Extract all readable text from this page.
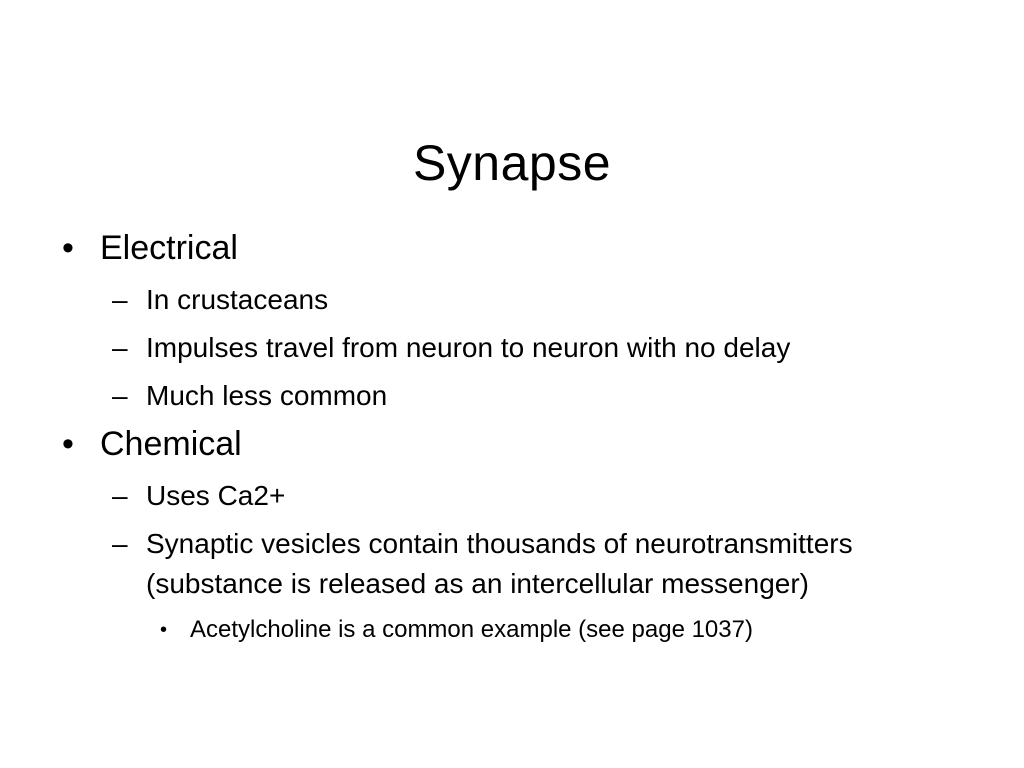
Synapse
• Electrical
– In crustaceans
– Impulses travel from neuron to neuron with no delay
– Much less common
• Chemical
– Uses Ca2+
– Synaptic vesicles contain thousands of neurotransmitters (substance is released as an intercellular messenger)
• Acetylcholine is a common example (see page 1037)
